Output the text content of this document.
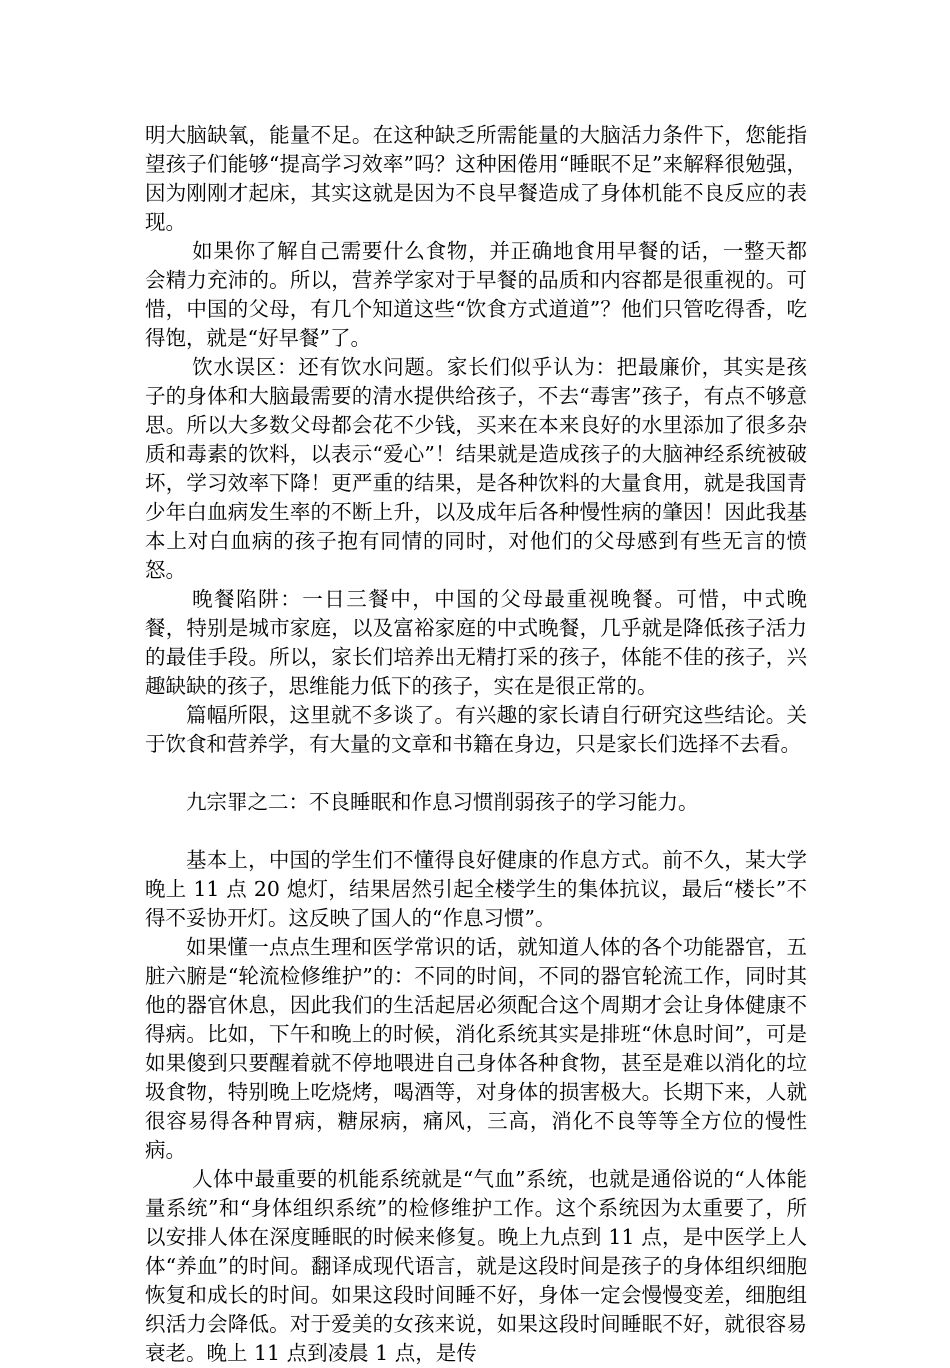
明大脑缺氧，能量不足。在这种缺乏所需能量的大脑活力条件下，您能指望孩子们能够“提高学习效率”吗？这种困倦用“睡眠不足”来解释很勉强，因为刚刚才起床，其实这就是因为不良早餐造成了身体机能不良反应的表现。

如果你了解自己需要什么食物，并正确地食用早餐的话，一整天都会精力充沛的。所以，营养学家对于早餐的品质和内容都是很重视的。可惜，中国的父母，有几个知道这些“饮食方式道道”？他们只管吃得香，吃得饱，就是“好早餐”了。

饮水误区：还有饮水问题。家长们似乎认为：把最廉价，其实是孩子的身体和大脑最需要的清水提供给孩子，不去“毒害”孩子，有点不够意思。所以大多数父母都会花不少钱，买来在本来良好的水里添加了很多杂质和毒素的饮料，以表示“爱心”！结果就是造成孩子的大脑神经系统被破坏，学习效率下降！更严重的结果，是各种饮料的大量食用，就是我国青少年白血病发生率的不断上升，以及成年后各种慢性病的肇因！因此我基本上对白血病的孩子抱有同情的同时，对他们的父母感到有些无言的愤怒。

晚餐陷阱：一日三餐中，中国的父母最重视晚餐。可惜，中式晚餐，特别是城市家庭，以及富裕家庭的中式晚餐，几乎就是降低孩子活力的最佳手段。所以，家长们培养出无精打采的孩子，体能不佳的孩子，兴趣缺缺的孩子，思维能力低下的孩子，实在是很正常的。

篇幅所限，这里就不多谈了。有兴趣的家长请自行研究这些结论。关于饮食和营养学，有大量的文章和书籍在身边，只是家长们选择不去看。

九宗罪之二：不良睡眠和作息习惯削弱孩子的学习能力。

基本上，中国的学生们不懂得良好健康的作息方式。前不久，某大学晚上 11 点 20 熄灯，结果居然引起全楼学生的集体抗议，最后“楼长”不得不妥协开灯。这反映了国人的“作息习惯”。

如果懂一点点生理和医学常识的话，就知道人体的各个功能器官，五脏六腑是“轮流检修维护”的：不同的时间，不同的器官轮流工作，同时其他的器官休息，因此我们的生活起居必须配合这个周期才会让身体健康不得病。比如，下午和晚上的时候，消化系统其实是排班“休息时间”，可是如果傻到只要醒着就不停地喂进自己身体各种食物，甚至是难以消化的垃圾食物，特别晚上吃烧烤，喝酒等，对身体的损害极大。长期下来，人就很容易得各种胃病，糖尿病，痛风，三高，消化不良等等全方位的慢性病。

人体中最重要的机能系统就是“气血”系统，也就是通俗说的“人体能量系统”和“身体组织系统”的检修维护工作。这个系统因为太重要了，所以安排人体在深度睡眠的时候来修复。晚上九点到 11 点，是中医学上人体“养血”的时间。翻译成现代语言，就是这段时间是孩子的身体组织细胞恢复和成长的时间。如果这段时间睡不好，身体一定会慢慢变差，细胞组织活力会降低。对于爱美的女孩来说，如果这段时间睡眠不好，就很容易衰老。晚上 11 点到凌晨 1 点，是传
